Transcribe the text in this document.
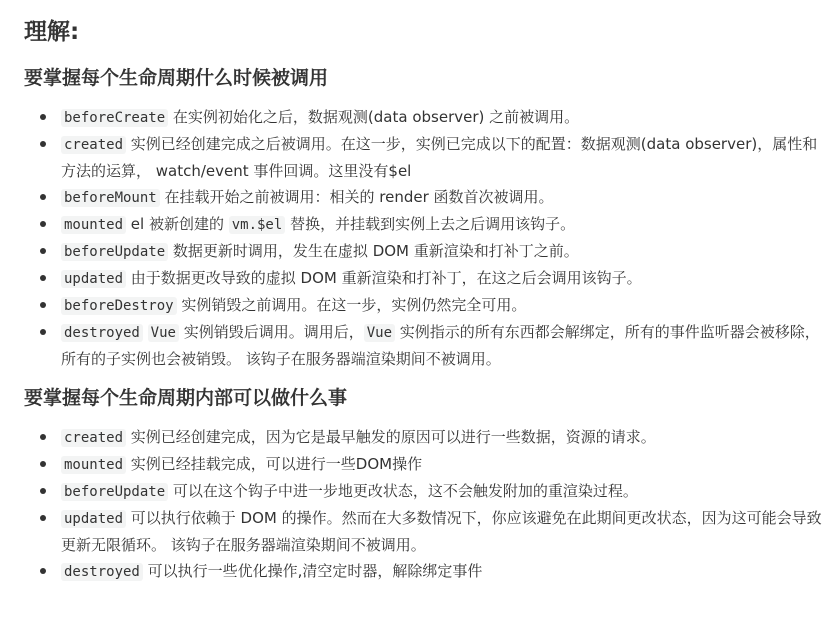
理解:
要掌握每个生命周期什么时候被调用
beforeCreate 在实例初始化之后，数据观测(data observer) 之前被调用。
created 实例已经创建完成之后被调用。在这一步，实例已完成以下的配置：数据观测(data observer)，属性和方法的运算， watch/event 事件回调。这里没有$el
beforeMount 在挂载开始之前被调用：相关的 render 函数首次被调用。
mounted el 被新创建的 vm.$el 替换，并挂载到实例上去之后调用该钩子。
beforeUpdate 数据更新时调用，发生在虚拟 DOM 重新渲染和打补丁之前。
updated 由于数据更改导致的虚拟 DOM 重新渲染和打补丁，在这之后会调用该钩子。
beforeDestroy 实例销毁之前调用。在这一步，实例仍然完全可用。
destroyed Vue 实例销毁后调用。调用后， Vue 实例指示的所有东西都会解绑定，所有的事件监听器会被移除，所有的子实例也会被销毁。 该钩子在服务器端渲染期间不被调用。
要掌握每个生命周期内部可以做什么事
created 实例已经创建完成，因为它是最早触发的原因可以进行一些数据，资源的请求。
mounted 实例已经挂载完成，可以进行一些DOM操作
beforeUpdate 可以在这个钩子中进一步地更改状态，这不会触发附加的重渲染过程。
updated 可以执行依赖于 DOM 的操作。然而在大多数情况下，你应该避免在此期间更改状态，因为这可能会导致更新无限循环。 该钩子在服务器端渲染期间不被调用。
destroyed 可以执行一些优化操作,清空定时器，解除绑定事件
